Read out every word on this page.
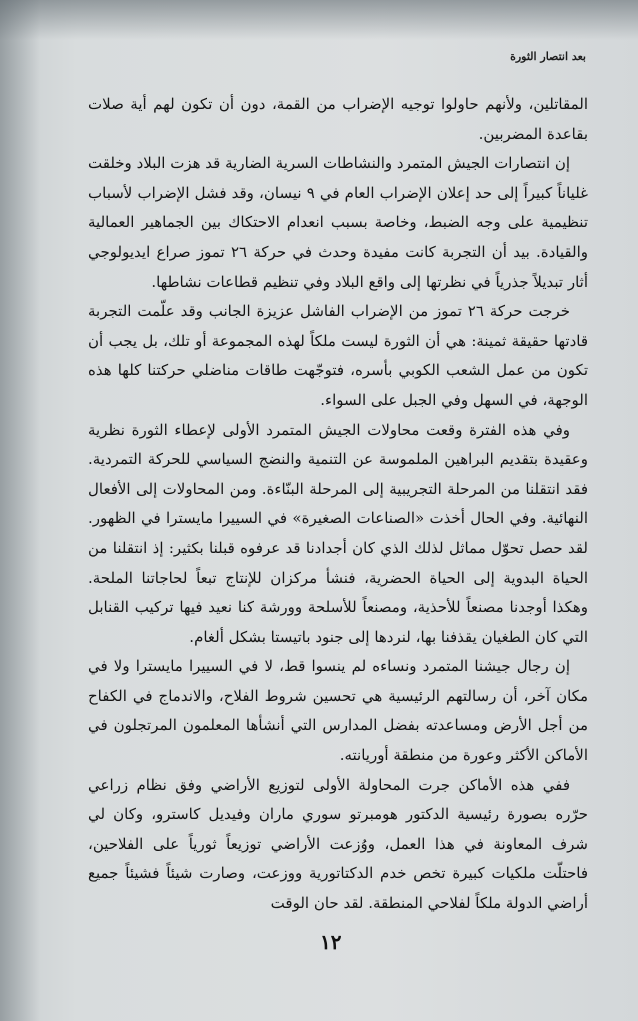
بعد انتصار الثورة

المقاتلين، ولأنهم حاولوا توجيه الإضراب من القمة، دون أن تكون لهم أية صلات بقاعدة المضربين.

إن انتصارات الجيش المتمرد والنشاطات السرية الضارية قد هزت البلاد وخلقت غلياناً كبيراً إلى حد إعلان الإضراب العام في ٩ نيسان، وقد فشل الإضراب لأسباب تنظيمية على وجه الضبط، وخاصة بسبب انعدام الاحتكاك بين الجماهير العمالية والقيادة. بيد أن التجربة كانت مفيدة وحدث في حركة ٢٦ تموز صراع ايديولوجي أثار تبديلاً جذرياً في نظرتها إلى واقع البلاد وفي تنظيم قطاعات نشاطها.

خرجت حركة ٢٦ تموز من الإضراب الفاشل عزيزة الجانب وقد علّمت التجربة قادتها حقيقة ثمينة: هي أن الثورة ليست ملكاً لهذه المجموعة أو تلك، بل يجب أن تكون من عمل الشعب الكوبي بأسره، فتوجّهت طاقات مناضلي حركتنا كلها هذه الوجهة، في السهل وفي الجبل على السواء.

وفي هذه الفترة وقعت محاولات الجيش المتمرد الأولى لإعطاء الثورة نظرية وعقيدة بتقديم البراهين الملموسة عن التنمية والنضج السياسي للحركة التمردية. فقد انتقلنا من المرحلة التجريبية إلى المرحلة البنّاءة. ومن المحاولات إلى الأفعال النهائية. وفي الحال أخذت «الصناعات الصغيرة» في السييرا مايسترا في الظهور. لقد حصل تحوّل مماثل لذلك الذي كان أجدادنا قد عرفوه قبلنا بكثير: إذ انتقلنا من الحياة البدوية إلى الحياة الحضرية، فنشأ مركزان للإنتاج تبعاً لحاجاتنا الملحة. وهكذا أوجدنا مصنعاً للأحذية، ومصنعاً للأسلحة وورشة كنا نعيد فيها تركيب القنابل التي كان الطغيان يقذفنا بها، لنردها إلى جنود باتيستا بشكل ألغام.

إن رجال جيشنا المتمرد ونساءه لم ينسوا قط، لا في السييرا مايسترا ولا في مكان آخر، أن رسالتهم الرئيسية هي تحسين شروط الفلاح، والاندماج في الكفاح من أجل الأرض ومساعدته بفضل المدارس التي أنشأها المعلمون المرتجلون في الأماكن الأكثر وعورة من منطقة أوريانته.

ففي هذه الأماكن جرت المحاولة الأولى لتوزيع الأراضي وفق نظام زراعي حرّره بصورة رئيسية الدكتور هومبرتو سوري ماران وفيديل كاسترو، وكان لي شرف المعاونة في هذا العمل، ووُزعت الأراضي توزيعاً ثورياً على الفلاحين، فاحتلّت ملكيات كبيرة تخص خدم الدكتاتورية ووزعت، وصارت شيئاً فشيئاً جميع أراضي الدولة ملكاً لفلاحي المنطقة. لقد حان الوقت

١٢
